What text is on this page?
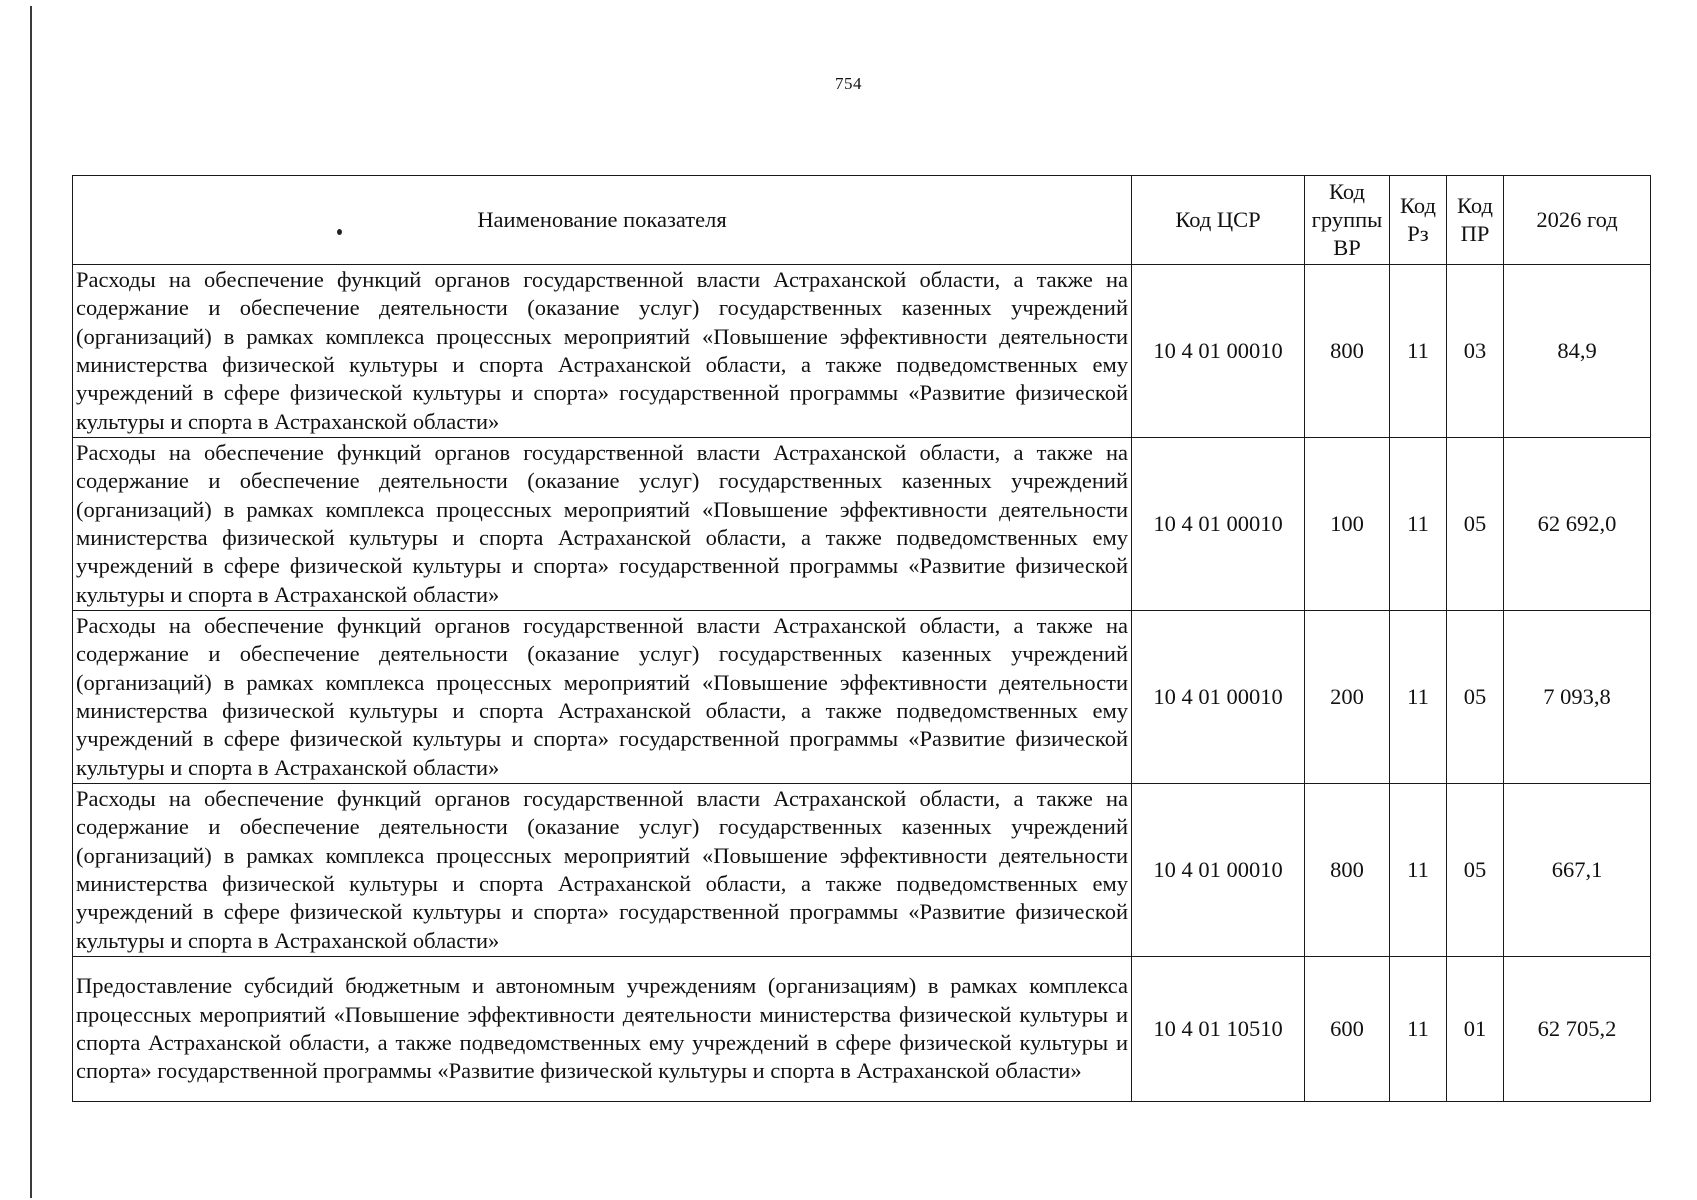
754
Наименование показателя	Код ЦСР	Код группы ВР	Код Рз	Код ПР	2026 год
Расходы на обеспечение функций органов государственной власти Астраханской области, а также на содержание и обеспечение деятельности (оказание услуг) государственных казенных учреждений (организаций) в рамках комплекса процессных мероприятий «Повышение эффективности деятельности министерства физической культуры и спорта Астраханской области, а также подведомственных ему учреждений в сфере физической культуры и спорта» государственной программы «Развитие физической культуры и спорта в Астраханской области»	10 4 01 00010	800	11	03	84,9
Расходы на обеспечение функций органов государственной власти Астраханской области, а также на содержание и обеспечение деятельности (оказание услуг) государственных казенных учреждений (организаций) в рамках комплекса процессных мероприятий «Повышение эффективности деятельности министерства физической культуры и спорта Астраханской области, а также подведомственных ему учреждений в сфере физической культуры и спорта» государственной программы «Развитие физической культуры и спорта в Астраханской области»	10 4 01 00010	100	11	05	62 692,0
Расходы на обеспечение функций органов государственной власти Астраханской области, а также на содержание и обеспечение деятельности (оказание услуг) государственных казенных учреждений (организаций) в рамках комплекса процессных мероприятий «Повышение эффективности деятельности министерства физической культуры и спорта Астраханской области, а также подведомственных ему учреждений в сфере физической культуры и спорта» государственной программы «Развитие физической культуры и спорта в Астраханской области»	10 4 01 00010	200	11	05	7 093,8
Расходы на обеспечение функций органов государственной власти Астраханской области, а также на содержание и обеспечение деятельности (оказание услуг) государственных казенных учреждений (организаций) в рамках комплекса процессных мероприятий «Повышение эффективности деятельности министерства физической культуры и спорта Астраханской области, а также подведомственных ему учреждений в сфере физической культуры и спорта» государственной программы «Развитие физической культуры и спорта в Астраханской области»	10 4 01 00010	800	11	05	667,1
Предоставление субсидий бюджетным и автономным учреждениям (организациям) в рамках комплекса процессных мероприятий «Повышение эффективности деятельности министерства физической культуры и спорта Астраханской области, а также подведомственных ему учреждений в сфере физической культуры и спорта» государственной программы «Развитие физической культуры и спорта в Астраханской области»	10 4 01 10510	600	11	01	62 705,2
